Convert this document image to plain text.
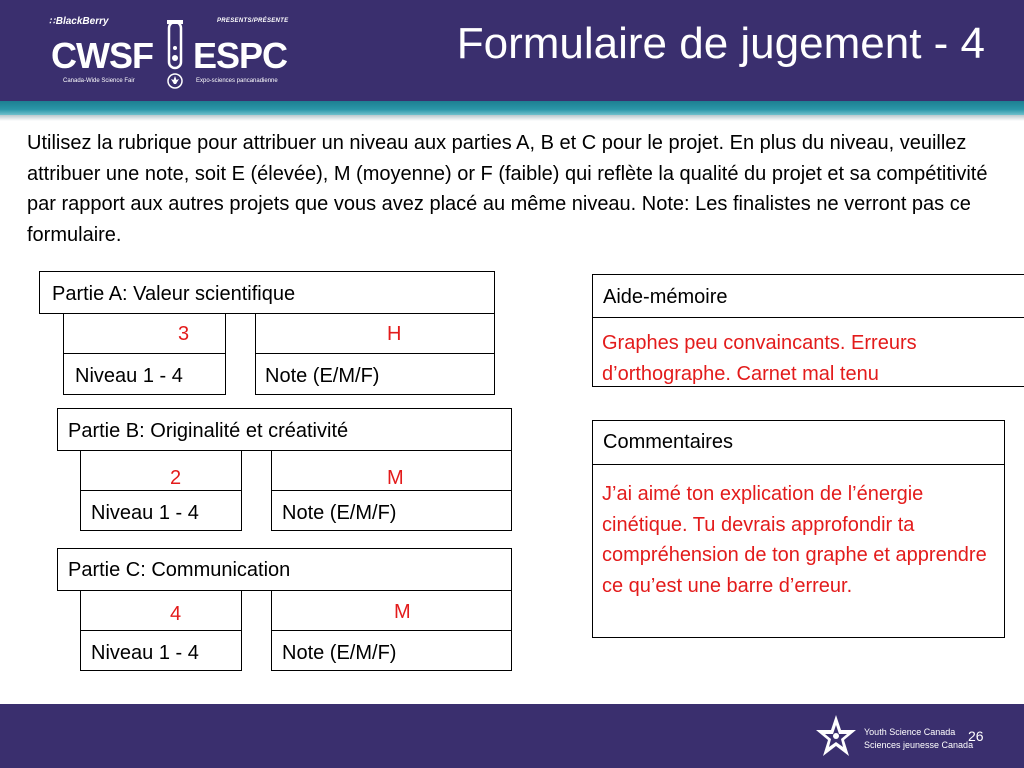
∷ BlackBerry	PRESENTS/PRÉSENTE
CWSF ESPC
Canada-Wide Science Fair	Expo-sciences pancanadienne
Formulaire de jugement - 4
Utilisez la rubrique pour attribuer un niveau aux parties A, B et C pour le projet. En plus du niveau, veuillez attribuer une note, soit E (élevée), M (moyenne) or F (faible) qui reflète la qualité du projet et sa compétitivité par rapport aux autres projets que vous avez placé au même niveau. Note: Les finalistes ne verront pas ce formulaire.
Partie A: Valeur scientifique
3
Niveau 1 - 4
H
Note (E/M/F)
Partie B: Originalité et créativité
2
Niveau 1 - 4
M
Note (E/M/F)
Partie C: Communication
4
Niveau 1 - 4
M
Note (E/M/F)
Aide-mémoire
Graphes peu convaincants. Erreurs d’orthographe. Carnet mal tenu
Commentaires
J’ai aimé ton explication de l’énergie cinétique. Tu devrais approfondir ta compréhension de ton graphe et apprendre ce qu’est une barre d’erreur.
Youth Science Canada
Sciences jeunesse Canada
26
